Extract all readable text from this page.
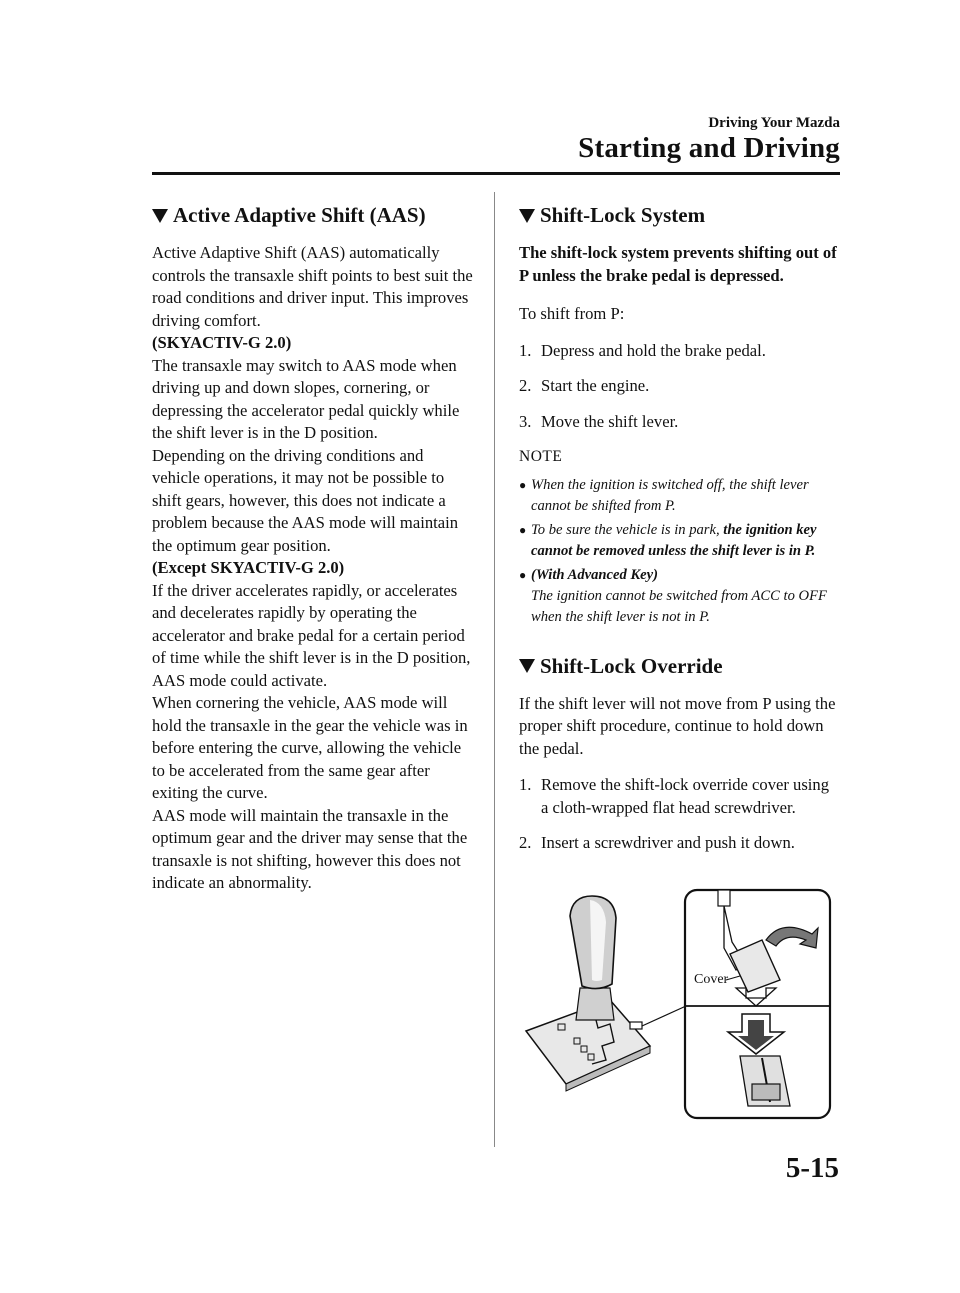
Driving Your Mazda
Starting and Driving
Active Adaptive Shift (AAS)

Active Adaptive Shift (AAS) automatically controls the transaxle shift points to best suit the road conditions and driver input. This improves driving comfort.

(SKYACTIV-G 2.0)

The transaxle may switch to AAS mode when driving up and down slopes, cornering, or depressing the accelerator pedal quickly while the shift lever is in the D position.

Depending on the driving conditions and vehicle operations, it may not be possible to shift gears, however, this does not indicate a problem because the AAS mode will maintain the optimum gear position.

(Except SKYACTIV-G 2.0)

If the driver accelerates rapidly, or accelerates and decelerates rapidly by operating the accelerator and brake pedal for a certain period of time while the shift lever is in the D position, AAS mode could activate.

When cornering the vehicle, AAS mode will hold the transaxle in the gear the vehicle was in before entering the curve, allowing the vehicle to be accelerated from the same gear after exiting the curve.

AAS mode will maintain the transaxle in the optimum gear and the driver may sense that the transaxle is not shifting, however this does not indicate an abnormality.

Shift-Lock System

The shift-lock system prevents shifting out of P unless the brake pedal is depressed.

To shift from P:

1. Depress and hold the brake pedal.
2. Start the engine.
3. Move the shift lever.
NOTE
● When the ignition is switched off, the shift lever cannot be shifted from P.
● To be sure the vehicle is in park, the ignition key cannot be removed unless the shift lever is in P.
● (With Advanced Key)
The ignition cannot be switched from ACC to OFF when the shift lever is not in P.
Shift-Lock Override

If the shift lever will not move from P using the proper shift procedure, continue to hold down the pedal.

1. Remove the shift-lock override cover using a cloth-wrapped flat head screwdriver.
2. Insert a screwdriver and push it down.
Cover
5-15
